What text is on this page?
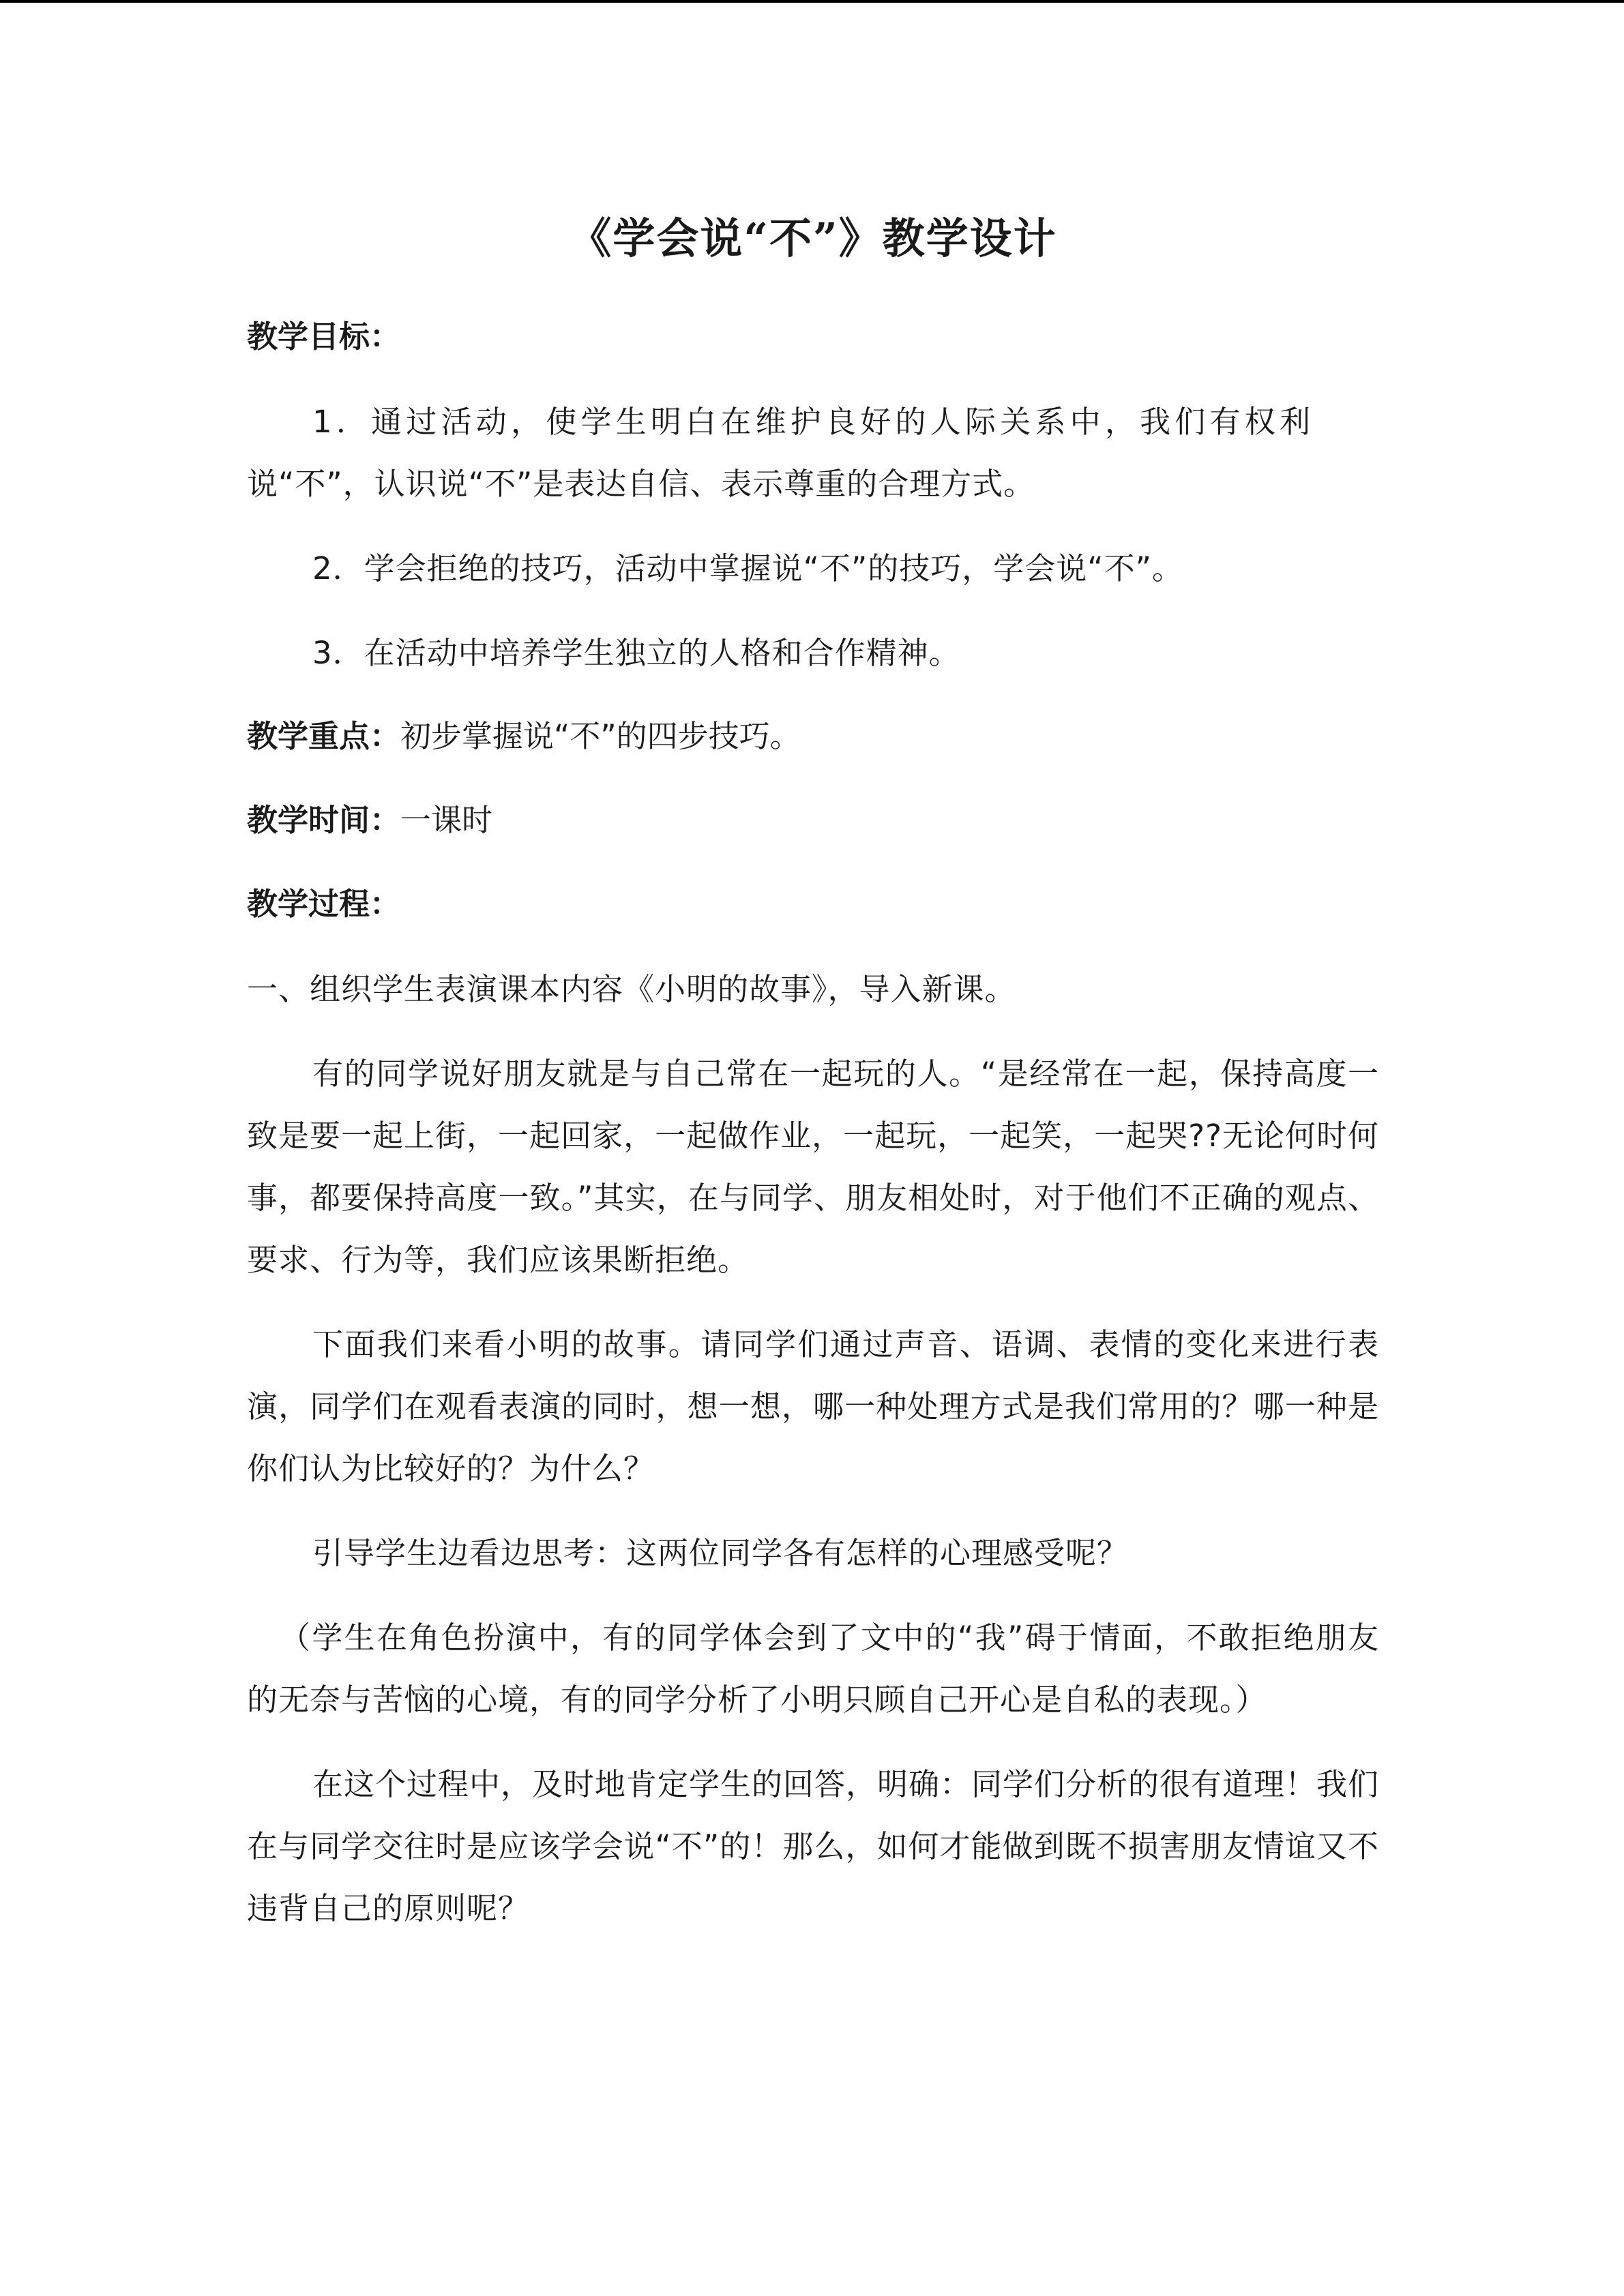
《学会说“不”》教学设计
教学目标：

1．通过活动，使学生明白在维护良好的人际关系中，我们有权利说“不”，认识说“不”是表达自信、表示尊重的合理方式。

2．学会拒绝的技巧，活动中掌握说“不”的技巧，学会说“不”。

3．在活动中培养学生独立的人格和合作精神。

教学重点：初步掌握说“不”的四步技巧。
教学时间：一课时
教学过程：

一、组织学生表演课本内容《小明的故事》，导入新课。

有的同学说好朋友就是与自己常在一起玩的人。“是经常在一起，保持高度一致是要一起上街，一起回家，一起做作业，一起玩，一起笑，一起哭??无论何时何事，都要保持高度一致。”其实，在与同学、朋友相处时，对于他们不正确的观点、要求、行为等，我们应该果断拒绝。

下面我们来看小明的故事。请同学们通过声音、语调、表情的变化来进行表演，同学们在观看表演的同时，想一想，哪一种处理方式是我们常用的？哪一种是你们认为比较好的？为什么？

引导学生边看边思考：这两位同学各有怎样的心理感受呢？

（学生在角色扮演中，有的同学体会到了文中的“我”碍于情面，不敢拒绝朋友的无奈与苦恼的心境，有的同学分析了小明只顾自己开心是自私的表现。）

在这个过程中，及时地肯定学生的回答，明确：同学们分析的很有道理！我们在与同学交往时是应该学会说“不”的！那么，如何才能做到既不损害朋友情谊又不违背自己的原则呢？
